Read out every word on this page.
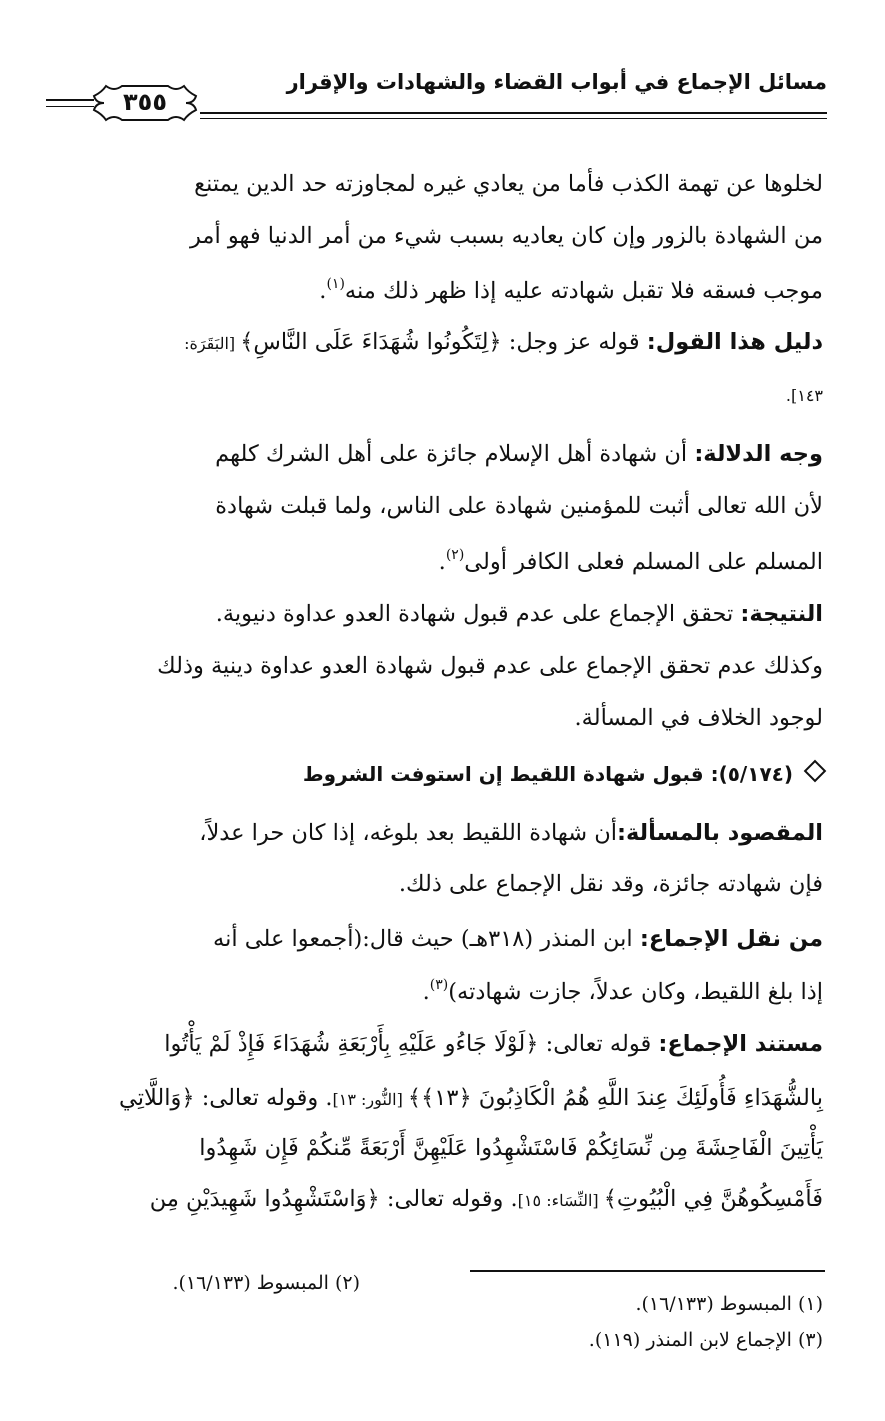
مسائل الإجماع في أبواب القضاء والشهادات والإقرار
٣٥٥
لخلوها عن تهمة الكذب فأما من يعادي غيره لمجاوزته حد الدين يمتنع
من الشهادة بالزور وإن كان يعاديه بسبب شيء من أمر الدنيا فهو أمر
موجب فسقه فلا تقبل شهادته عليه إذا ظهر ذلك منه$^{(١)}$.
دليل هذا القول: قوله عز وجل: ﴿لِتَكُونُوا شُهَدَاءَ عَلَى النَّاسِ﴾ [البَقَرَة:
١٤٣].
وجه الدلالة: أن شهادة أهل الإسلام جائزة على أهل الشرك كلهم
لأن الله تعالى أثبت للمؤمنين شهادة على الناس، ولما قبلت شهادة
المسلم على المسلم فعلى الكافر أولى$^{(٢)}$.
النتيجة: تحقق الإجماع على عدم قبول شهادة العدو عداوة دنيوية.
وكذلك عدم تحقق الإجماع على عدم قبول شهادة العدو عداوة دينية وذلك
لوجود الخلاف في المسألة.
(٥/١٧٤): قبول شهادة اللقيط إن استوفت الشروط
المقصود بالمسألة:أن شهادة اللقيط بعد بلوغه، إذا كان حرا عدلاً،
فإن شهادته جائزة، وقد نقل الإجماع على ذلك.
من نقل الإجماع: ابن المنذر (٣١٨هـ) حيث قال:(أجمعوا على أنه
إذا بلغ اللقيط، وكان عدلاً، جازت شهادته)$^{(٣)}$.
مستند الإجماع: قوله تعالى: ﴿لَوْلَا جَاءُو عَلَيْهِ بِأَرْبَعَةِ شُهَدَاءَ فَإِذْ لَمْ يَأْتُوا
بِالشُّهَدَاءِ فَأُولَئِكَ عِندَ اللَّهِ هُمُ الْكَاذِبُونَ ﴿١٣﴾﴾ [النُّور: ١٣]. وقوله تعالى: ﴿وَاللَّاتِي
يَأْتِينَ الْفَاحِشَةَ مِن نِّسَائِكُمْ فَاسْتَشْهِدُوا عَلَيْهِنَّ أَرْبَعَةً مِّنكُمْ فَإِن شَهِدُوا
فَأَمْسِكُوهُنَّ فِي الْبُيُوتِ﴾ [النِّسَاء: ١٥]. وقوله تعالى: ﴿وَاسْتَشْهِدُوا شَهِيدَيْنِ مِن
(١) المبسوط (١٦/١٣٣).
(٢) المبسوط (١٦/١٣٣).
(٣) الإجماع لابن المنذر (١١٩).
